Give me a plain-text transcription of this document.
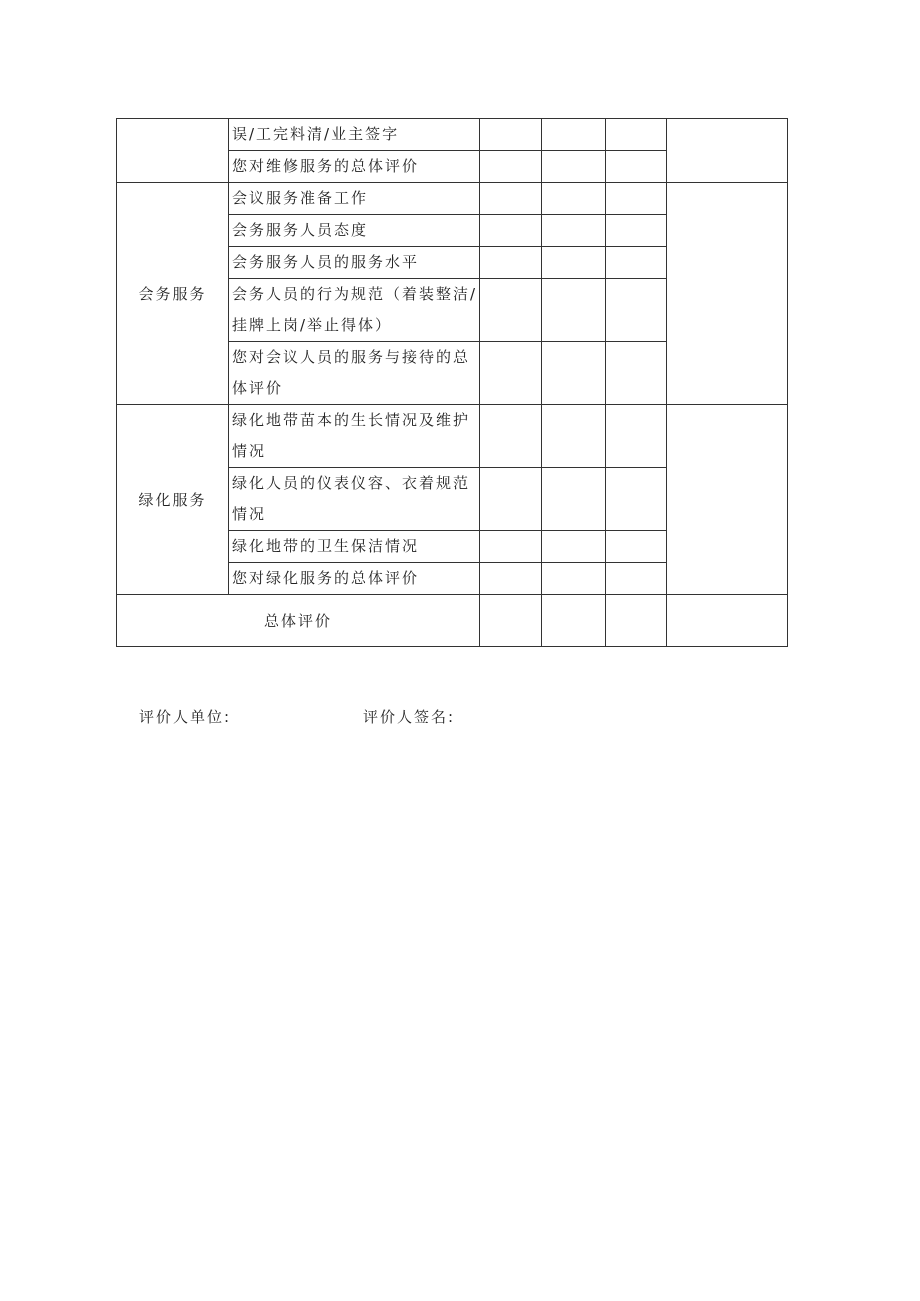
	误/工完料清/业主签字				
	您对维修服务的总体评价				
会务服务	会议服务准备工作				
	会务服务人员态度				
	会务服务人员的服务水平				
	会务人员的行为规范（着装整洁/挂牌上岗/举止得体）				
	您对会议人员的服务与接待的总体评价				
绿化服务	绿化地带苗本的生长情况及维护情况				
	绿化人员的仪表仪容、衣着规范情况				
	绿化地带的卫生保洁情况				
	您对绿化服务的总体评价				
总体评价					
评价人单位:	评价人签名:
